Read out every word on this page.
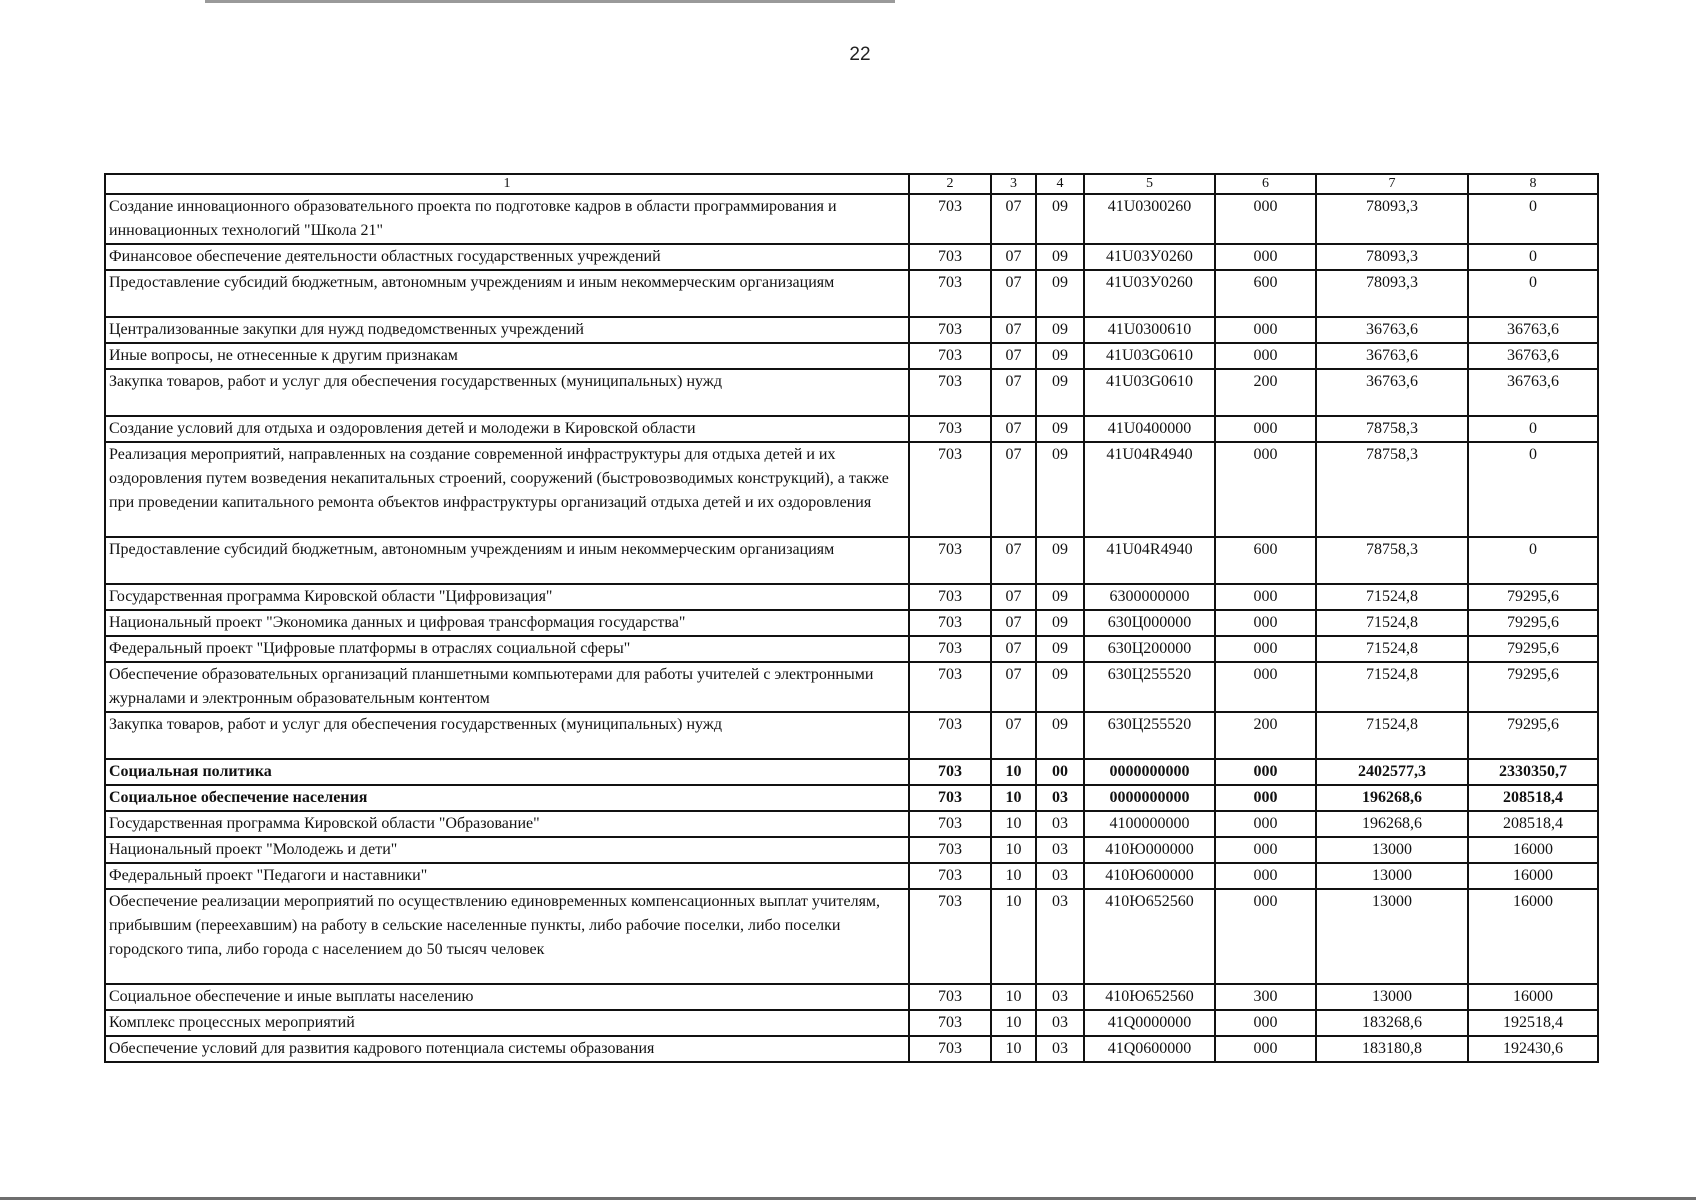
22
1	2	3	4	5	6	7	8
Создание инновационного образовательного проекта по подготовке кадров в области программирования и инновационных технологий "Школа 21"	703	07	09	41U0300260	000	78093,3	0
Финансовое обеспечение деятельности областных государственных учреждений	703	07	09	41U03У0260	000	78093,3	0
Предоставление субсидий бюджетным, автономным учреждениям и иным некоммерческим организациям	703	07	09	41U03У0260	600	78093,3	0
Централизованные закупки для нужд подведомственных учреждений	703	07	09	41U0300610	000	36763,6	36763,6
Иные вопросы, не отнесенные к другим признакам	703	07	09	41U03G0610	000	36763,6	36763,6
Закупка товаров, работ и услуг для обеспечения государственных (муниципальных) нужд	703	07	09	41U03G0610	200	36763,6	36763,6
Создание условий для отдыха и оздоровления детей и молодежи в Кировской области	703	07	09	41U0400000	000	78758,3	0
Реализация мероприятий, направленных на создание современной инфраструктуры для отдыха детей и их оздоровления путем возведения некапитальных строений, сооружений (быстровозводимых конструкций), а также при проведении капитального ремонта объектов инфраструктуры организаций отдыха детей и их оздоровления	703	07	09	41U04R4940	000	78758,3	0
Предоставление субсидий бюджетным, автономным учреждениям и иным некоммерческим организациям	703	07	09	41U04R4940	600	78758,3	0
Государственная программа Кировской области "Цифровизация"	703	07	09	6300000000	000	71524,8	79295,6
Национальный проект "Экономика данных и цифровая трансформация государства"	703	07	09	630Ц000000	000	71524,8	79295,6
Федеральный проект "Цифровые платформы в отраслях социальной сферы"	703	07	09	630Ц200000	000	71524,8	79295,6
Обеспечение образовательных организаций планшетными компьютерами для работы учителей с электронными журналами и электронным образовательным контентом	703	07	09	630Ц255520	000	71524,8	79295,6
Закупка товаров, работ и услуг для обеспечения государственных (муниципальных) нужд	703	07	09	630Ц255520	200	71524,8	79295,6
Социальная политика	703	10	00	0000000000	000	2402577,3	2330350,7
Социальное обеспечение населения	703	10	03	0000000000	000	196268,6	208518,4
Государственная программа Кировской области "Образование"	703	10	03	4100000000	000	196268,6	208518,4
Национальный проект "Молодежь и дети"	703	10	03	410Ю000000	000	13000	16000
Федеральный проект "Педагоги и наставники"	703	10	03	410Ю600000	000	13000	16000
Обеспечение реализации мероприятий по осуществлению единовременных компенсационных выплат учителям, прибывшим (переехавшим) на работу в сельские населенные пункты, либо рабочие поселки, либо поселки городского типа, либо города с населением до 50 тысяч человек	703	10	03	410Ю652560	000	13000	16000
Социальное обеспечение и иные выплаты населению	703	10	03	410Ю652560	300	13000	16000
Комплекс процессных мероприятий	703	10	03	41Q0000000	000	183268,6	192518,4
Обеспечение условий для развития кадрового потенциала системы образования	703	10	03	41Q0600000	000	183180,8	192430,6
